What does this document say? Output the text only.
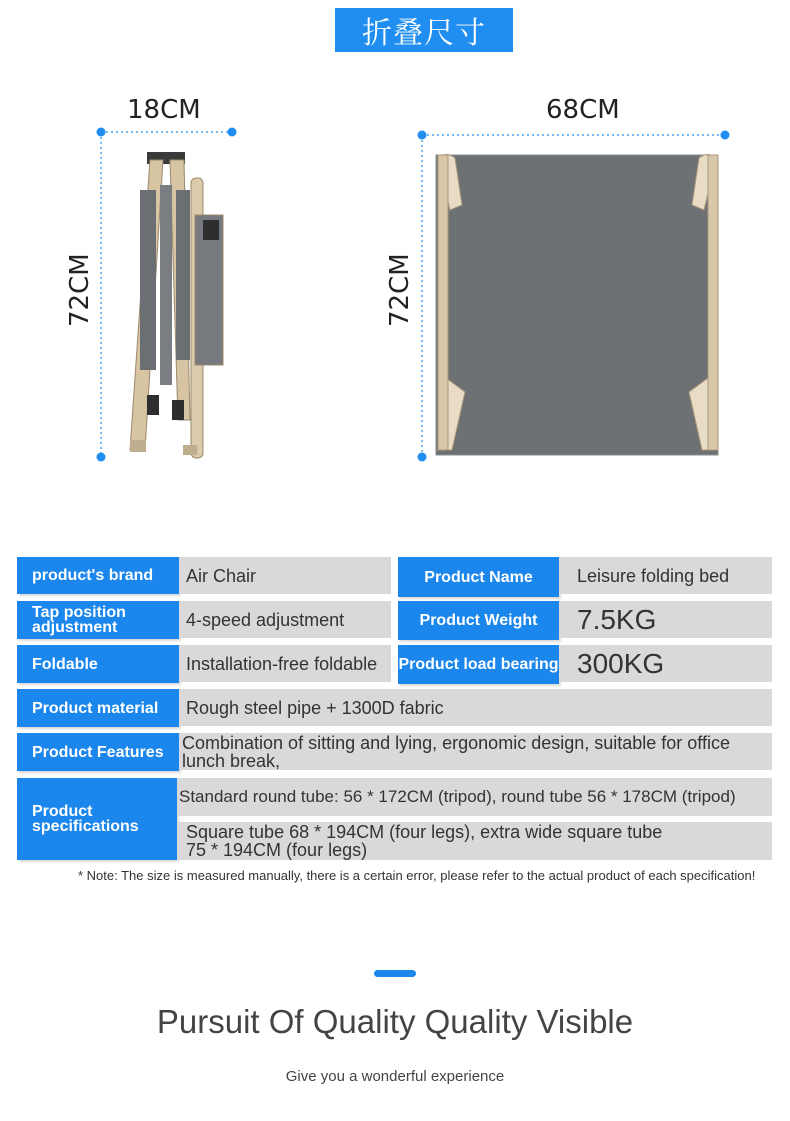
折叠尺寸
18CM
72CM
68CM
72CM
product's brand	Air Chair	Product Name	Leisure folding bed
Tap position adjustment	4-speed adjustment	Product Weight	7.5KG
Foldable	Installation-free foldable	Product load bearing 300KG
Product material	Rough steel pipe + 1300D fabric
Product Features	Combination of sitting and lying, ergonomic design, suitable for office lunch break,
Product specifications
Standard round tube: 56 * 172CM (tripod), round tube 56 * 178CM (tripod)
Square tube 68 * 194CM (four legs), extra wide square tube 75 * 194CM (four legs)
* Note: The size is measured manually, there is a certain error, please refer to the actual product of each specification!
Pursuit Of Quality Quality Visible
Give you a wonderful experience
